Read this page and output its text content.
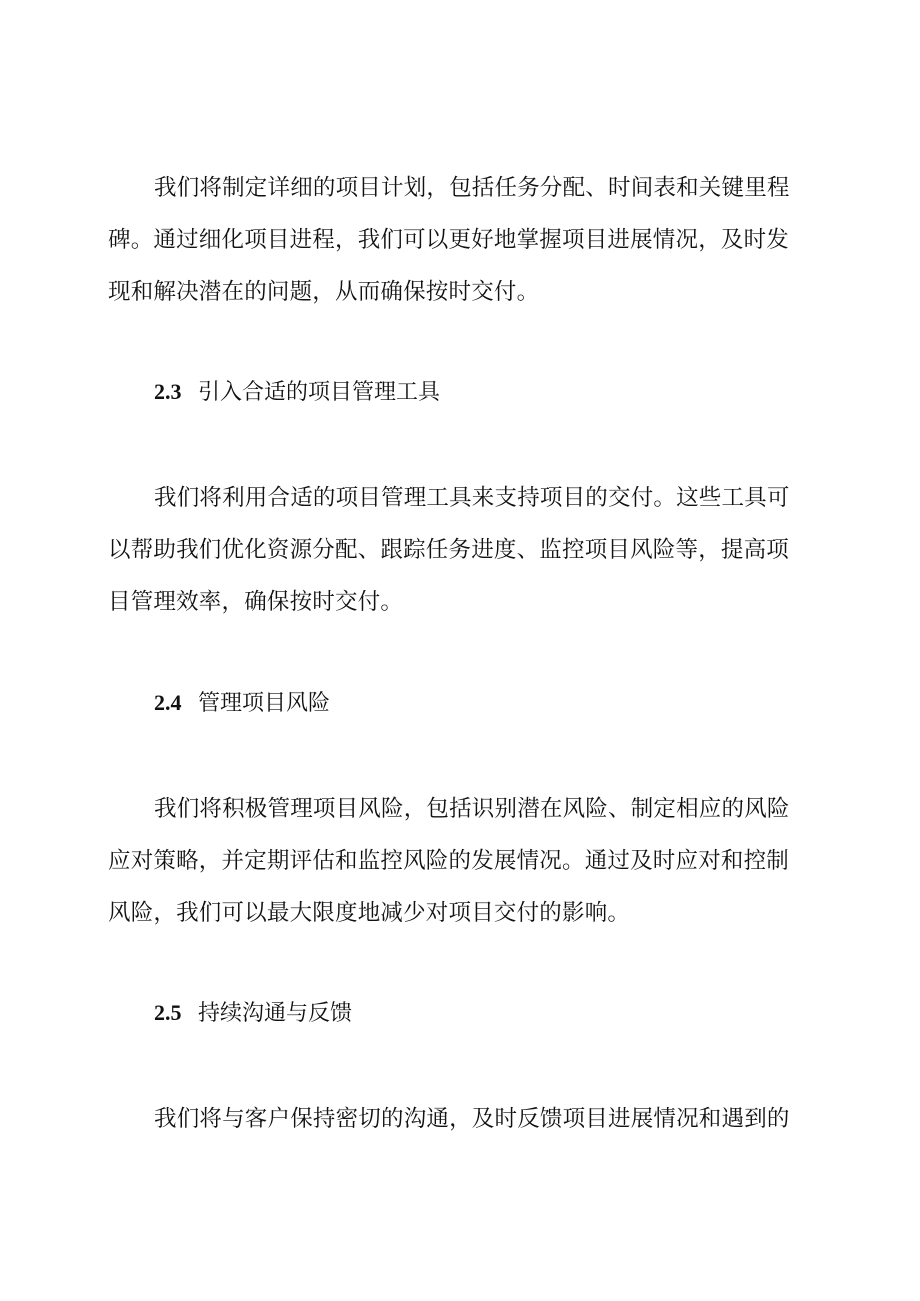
我们将制定详细的项目计划，包括任务分配、时间表和关键里程
碑。通过细化项目进程，我们可以更好地掌握项目进展情况，及时发
现和解决潜在的问题，从而确保按时交付。

2.3 引入合适的项目管理工具

我们将利用合适的项目管理工具来支持项目的交付。这些工具可
以帮助我们优化资源分配、跟踪任务进度、监控项目风险等，提高项
目管理效率，确保按时交付。

2.4 管理项目风险

我们将积极管理项目风险，包括识别潜在风险、制定相应的风险
应对策略，并定期评估和监控风险的发展情况。通过及时应对和控制
风险，我们可以最大限度地减少对项目交付的影响。

2.5 持续沟通与反馈

我们将与客户保持密切的沟通，及时反馈项目进展情况和遇到的
